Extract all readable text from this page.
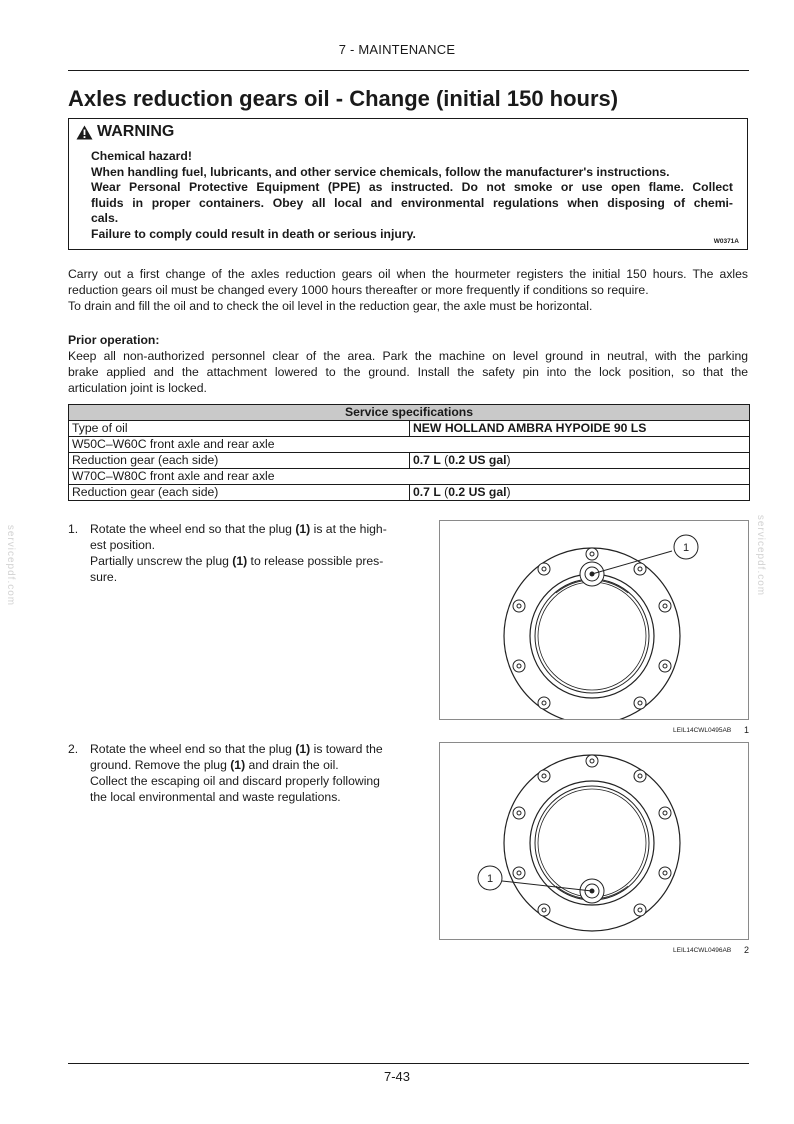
7 - MAINTENANCE
Axles reduction gears oil - Change (initial 150 hours)
WARNING
Chemical hazard!
When handling fuel, lubricants, and other service chemicals, follow the manufacturer's instructions.
Wear Personal Protective Equipment (PPE) as instructed. Do not smoke or use open flame. Collect
fluids in proper containers. Obey all local and environmental regulations when disposing of chemi-
cals.
Failure to comply could result in death or serious injury.
W0371A
Carry out a first change of the axles reduction gears oil when the hourmeter registers the initial 150 hours. The axles
reduction gears oil must be changed every 1000 hours thereafter or more frequently if conditions so require.
To drain and fill the oil and to check the oil level in the reduction gear, the axle must be horizontal.
Prior operation:
Keep all non-authorized personnel clear of the area. Park the machine on level ground in neutral, with the parking
brake applied and the attachment lowered to the ground. Install the safety pin into the lock position, so that the
articulation joint is locked.
Service specifications	
Type of oil	NEW HOLLAND AMBRA HYPOIDE 90 LS
W50C–W60C front axle and rear axle	
Reduction gear (each side)	0.7 L (0.2 US gal)
W70C–W80C front axle and rear axle	
Reduction gear (each side)	0.7 L (0.2 US gal)
1. Rotate the wheel end so that the plug (1) is at the high-
est position.
Partially unscrew the plug (1) to release possible pres-
sure.
2. Rotate the wheel end so that the plug (1) is toward the
ground. Remove the plug (1) and drain the oil.
Collect the escaping oil and discard properly following
the local environmental and waste regulations.
1
LEIL14CWL0495AB 1
1
LEIL14CWL0496AB 2
servicepdf.com	servicepdf.com
7-43
